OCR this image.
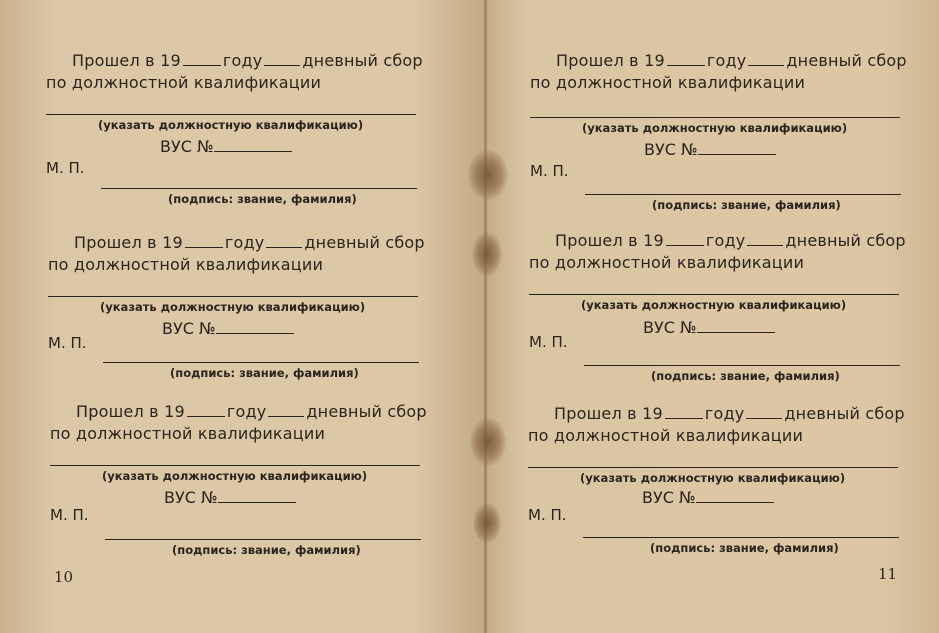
Прошел в 19	году	дневный сбор
по должностной квалификации
(указать должностную квалификацию)
ВУС №
М. П.
(подпись: звание, фамилия)
Прошел в 19	году	дневный сбор
по должностной квалификации
(указать должностную квалификацию)
ВУС №
М. П.
(подпись: звание, фамилия)
Прошел в 19	году	дневный сбор
по должностной квалификации
(указать должностную квалификацию)
ВУС №
М. П.
(подпись: звание, фамилия)
10
Прошел в 19	году	дневный сбор
по должностной квалификации
(указать должностную квалификацию)
ВУС №
М. П.
(подпись: звание, фамилия)
Прошел в 19	году	дневный сбор
по должностной квалификации
(указать должностную квалификацию)
ВУС №
М. П.
(подпись: звание, фамилия)
Прошел в 19	году	дневный сбор
по должностной квалификации
(указать должностную квалификацию)
ВУС №
М. П.
(подпись: звание, фамилия)
11
